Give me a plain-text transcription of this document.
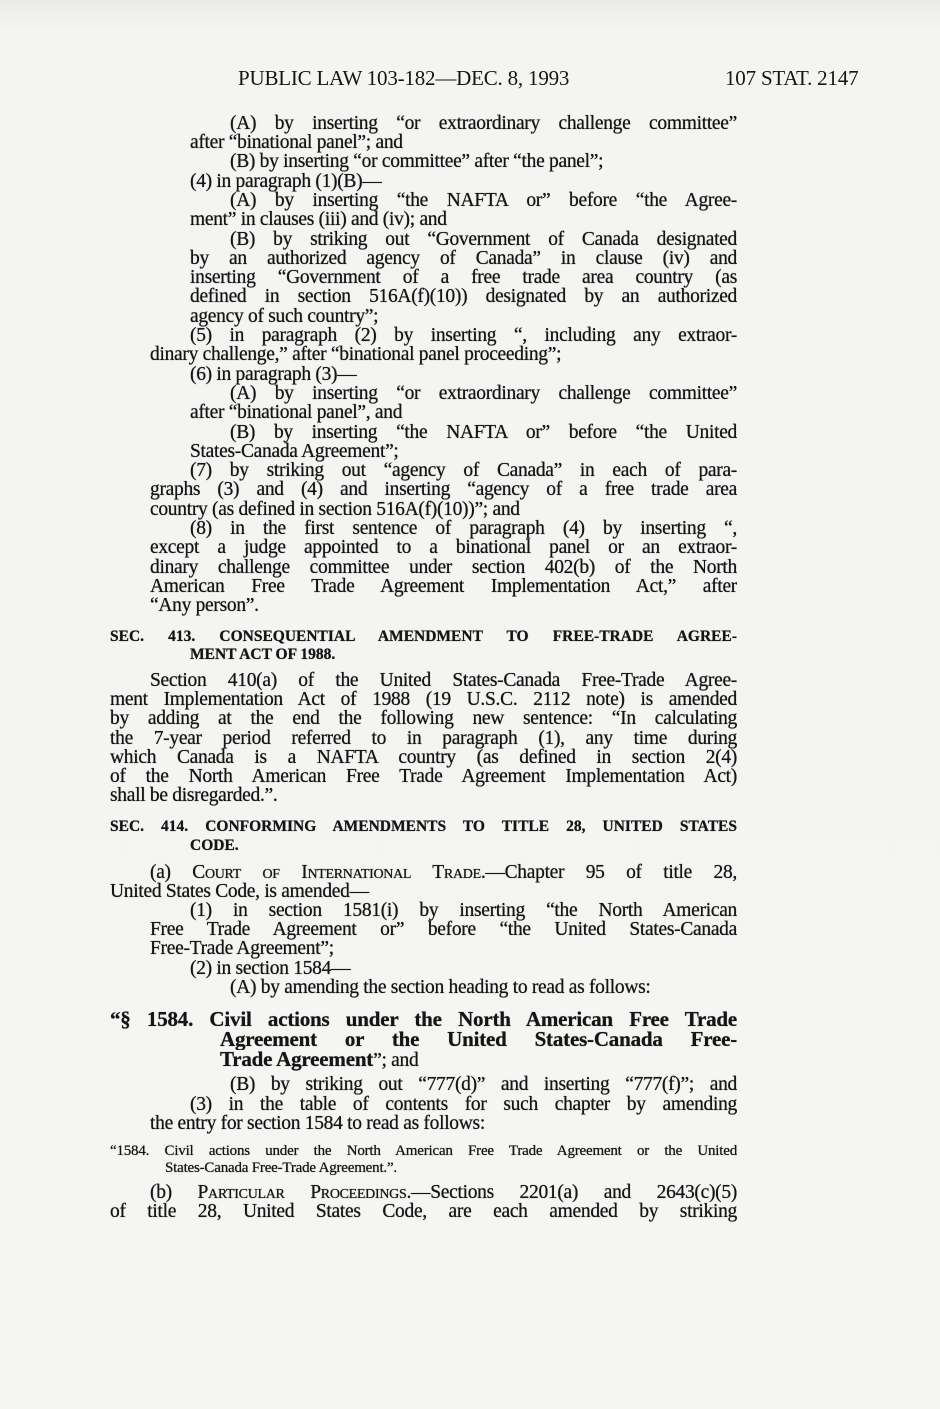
PUBLIC LAW 103-182—DEC. 8, 1993	107 STAT. 2147
(A) by inserting “or extraordinary challenge committee”
after “binational panel”; and
(B) by inserting “or committee” after “the panel”;
(4) in paragraph (1)(B)—
(A) by inserting “the NAFTA or” before “the Agree-
ment” in clauses (iii) and (iv); and
(B) by striking out “Government of Canada designated
by an authorized agency of Canada” in clause (iv) and
inserting “Government of a free trade area country (as
defined in section 516A(f)(10)) designated by an authorized
agency of such country”;
(5) in paragraph (2) by inserting “, including any extraor-
dinary challenge,” after “binational panel proceeding”;
(6) in paragraph (3)—
(A) by inserting “or extraordinary challenge committee”
after “binational panel”, and
(B) by inserting “the NAFTA or” before “the United
States-Canada Agreement”;
(7) by striking out “agency of Canada” in each of para-
graphs (3) and (4) and inserting “agency of a free trade area
country (as defined in section 516A(f)(10))”; and
(8) in the first sentence of paragraph (4) by inserting “,
except a judge appointed to a binational panel or an extraor-
dinary challenge committee under section 402(b) of the North
American Free Trade Agreement Implementation Act,” after
“Any person”.
SEC. 413. CONSEQUENTIAL AMENDMENT TO FREE-TRADE AGREE-
MENT ACT OF 1988.
Section 410(a) of the United States-Canada Free-Trade Agree-
ment Implementation Act of 1988 (19 U.S.C. 2112 note) is amended
by adding at the end the following new sentence: “In calculating
the 7-year period referred to in paragraph (1), any time during
which Canada is a NAFTA country (as defined in section 2(4)
of the North American Free Trade Agreement Implementation Act)
shall be disregarded.”.
SEC. 414. CONFORMING AMENDMENTS TO TITLE 28, UNITED STATES
CODE.
(a) Court of International Trade.—Chapter 95 of title 28,
United States Code, is amended—
(1) in section 1581(i) by inserting “the North American
Free Trade Agreement or” before “the United States-Canada
Free-Trade Agreement”;
(2) in section 1584—
(A) by amending the section heading to read as follows:
“§ 1584. Civil actions under the North American Free Trade
Agreement or the United States-Canada Free-
Trade Agreement”; and
(B) by striking out “777(d)” and inserting “777(f)”; and
(3) in the table of contents for such chapter by amending
the entry for section 1584 to read as follows:
“1584. Civil actions under the North American Free Trade Agreement or the United
States-Canada Free-Trade Agreement.”.
(b) Particular Proceedings.—Sections 2201(a) and 2643(c)(5)
of title 28, United States Code, are each amended by striking
